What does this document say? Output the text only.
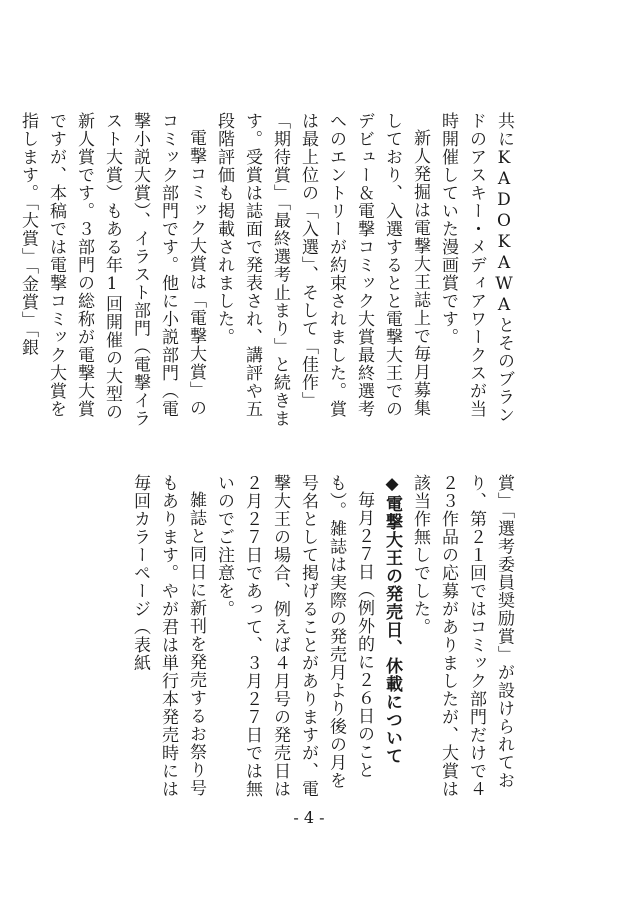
共にKADOKAWAとそのブランドのアスキー・メディアワークスが当時開催していた漫画賞です。

新人発掘は電撃大王誌上で毎月募集しており、入選するとと電撃大王でのデビュー＆電撃コミック大賞最終選考へのエントリーが約束されました。賞は最上位の「入選」、そして「佳作」「期待賞」「最終選考止まり」と続きます。受賞は誌面で発表され、講評や五段階評価も掲載されました。

電撃コミック大賞は「電撃大賞」のコミック部門です。他に小説部門（電撃小説大賞）、イラスト部門（電撃イラスト大賞）もある年1回開催の大型の新人賞です。３部門の総称が電撃大賞ですが、本稿では電撃コミック大賞を指します。「大賞」「金賞」「銀

賞」「選考委員奨励賞」が設けられており、第２１回ではコミック部門だけで４２３作品の応募がありましたが、大賞は該当作無しでした。

◆電撃大王の発売日、休載について

毎月２７日（例外的に２６日のことも）。雑誌は実際の発売月より後の月を号名として掲げることがありますが、電撃大王の場合、例えば４月号の発売日は２月２７日であって、３月２７日では無いのでご注意を。

雑誌と同日に新刊を発売するお祭り号もあります。やが君は単行本発売時には毎回カラーページ（表紙

- 4 -
